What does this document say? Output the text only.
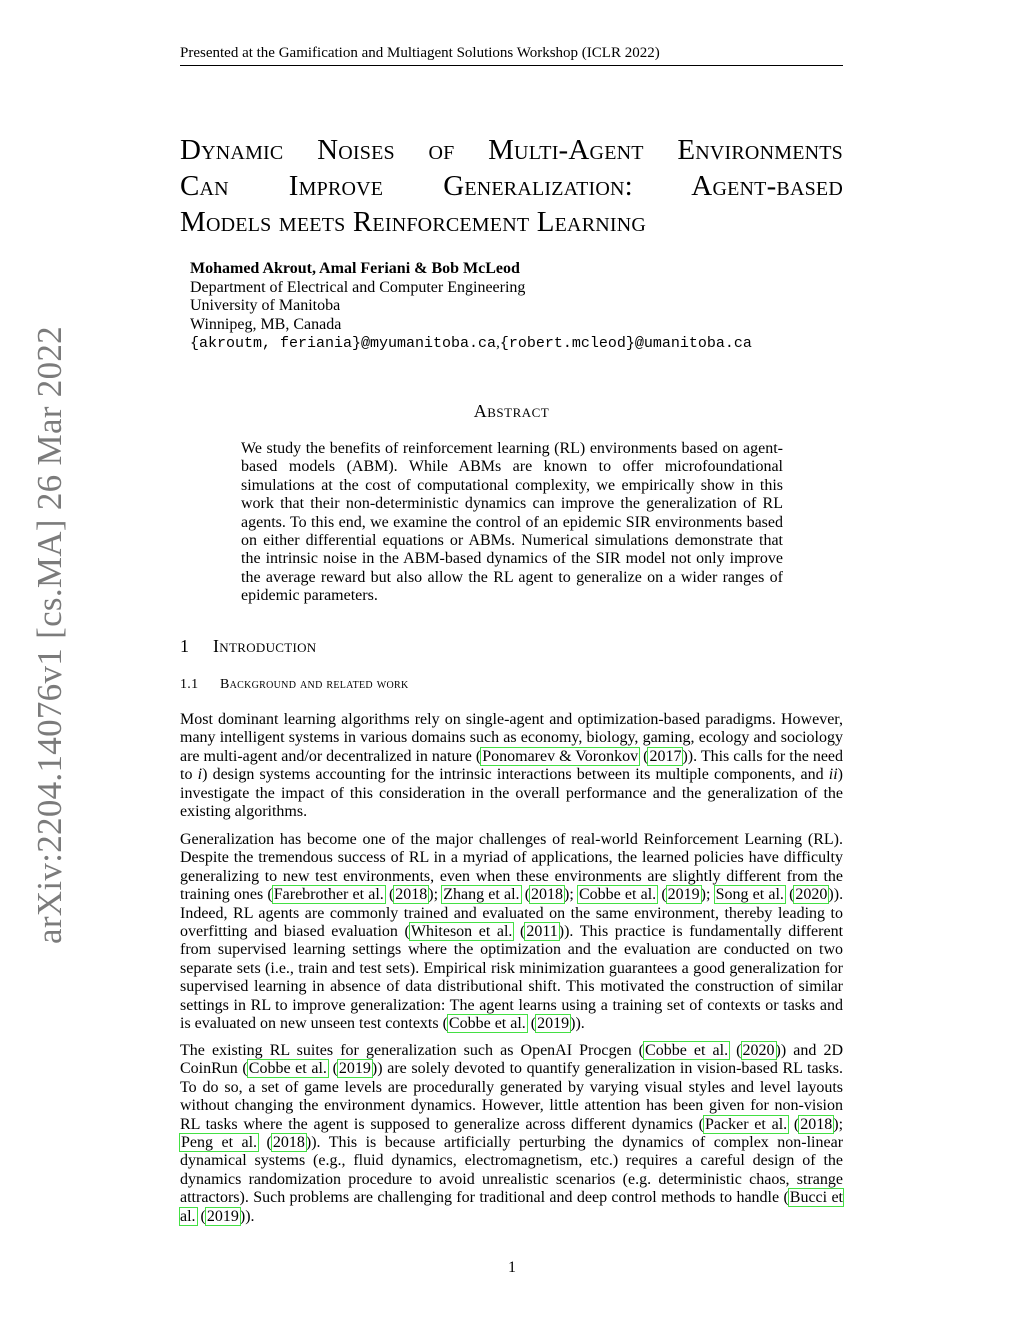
Presented at the Gamification and Multiagent Solutions Workshop (ICLR 2022)
arXiv:2204.14076v1 [cs.MA] 26 Mar 2022
Dynamic Noises of Multi-Agent Environments
Can Improve Generalization: Agent-based
Models meets Reinforcement Learning
Mohamed Akrout, Amal Feriani & Bob McLeod
Department of Electrical and Computer Engineering
University of Manitoba
Winnipeg, MB, Canada
{akroutm, feriania}@myumanitoba.ca,{robert.mcleod}@umanitoba.ca
Abstract
We study the benefits of reinforcement learning (RL) environments based on agent-based models (ABM). While ABMs are known to offer microfoundational simulations at the cost of computational complexity, we empirically show in this work that their non-deterministic dynamics can improve the generalization of RL agents. To this end, we examine the control of an epidemic SIR environments based on either differential equations or ABMs. Numerical simulations demonstrate that the intrinsic noise in the ABM-based dynamics of the SIR model not only improve the average reward but also allow the RL agent to generalize on a wider ranges of epidemic parameters.
1 Introduction
1.1 Background and related work
Most dominant learning algorithms rely on single-agent and optimization-based paradigms. However, many intelligent systems in various domains such as economy, biology, gaming, ecology and sociology are multi-agent and/or decentralized in nature (Ponomarev & Voronkov (2017)). This calls for the need to i) design systems accounting for the intrinsic interactions between its multiple components, and ii) investigate the impact of this consideration in the overall performance and the generalization of the existing algorithms.
Generalization has become one of the major challenges of real-world Reinforcement Learning (RL). Despite the tremendous success of RL in a myriad of applications, the learned policies have difficulty generalizing to new test environments, even when these environments are slightly different from the training ones (Farebrother et al. (2018); Zhang et al. (2018); Cobbe et al. (2019); Song et al. (2020)). Indeed, RL agents are commonly trained and evaluated on the same environment, thereby leading to overfitting and biased evaluation (Whiteson et al. (2011)). This practice is fundamentally different from supervised learning settings where the optimization and the evaluation are conducted on two separate sets (i.e., train and test sets). Empirical risk minimization guarantees a good generalization for supervised learning in absence of data distributional shift. This motivated the construction of similar settings in RL to improve generalization: The agent learns using a training set of contexts or tasks and is evaluated on new unseen test contexts (Cobbe et al. (2019)).
The existing RL suites for generalization such as OpenAI Procgen (Cobbe et al. (2020)) and 2D CoinRun (Cobbe et al. (2019)) are solely devoted to quantify generalization in vision-based RL tasks. To do so, a set of game levels are procedurally generated by varying visual styles and level layouts without changing the environment dynamics. However, little attention has been given for non-vision RL tasks where the agent is supposed to generalize across different dynamics (Packer et al. (2018); Peng et al. (2018)). This is because artificially perturbing the dynamics of complex non-linear dynamical systems (e.g., fluid dynamics, electromagnetism, etc.) requires a careful design of the dynamics randomization procedure to avoid unrealistic scenarios (e.g. deterministic chaos, strange attractors). Such problems are challenging for traditional and deep control methods to handle (Bucci et al. (2019)).
1
